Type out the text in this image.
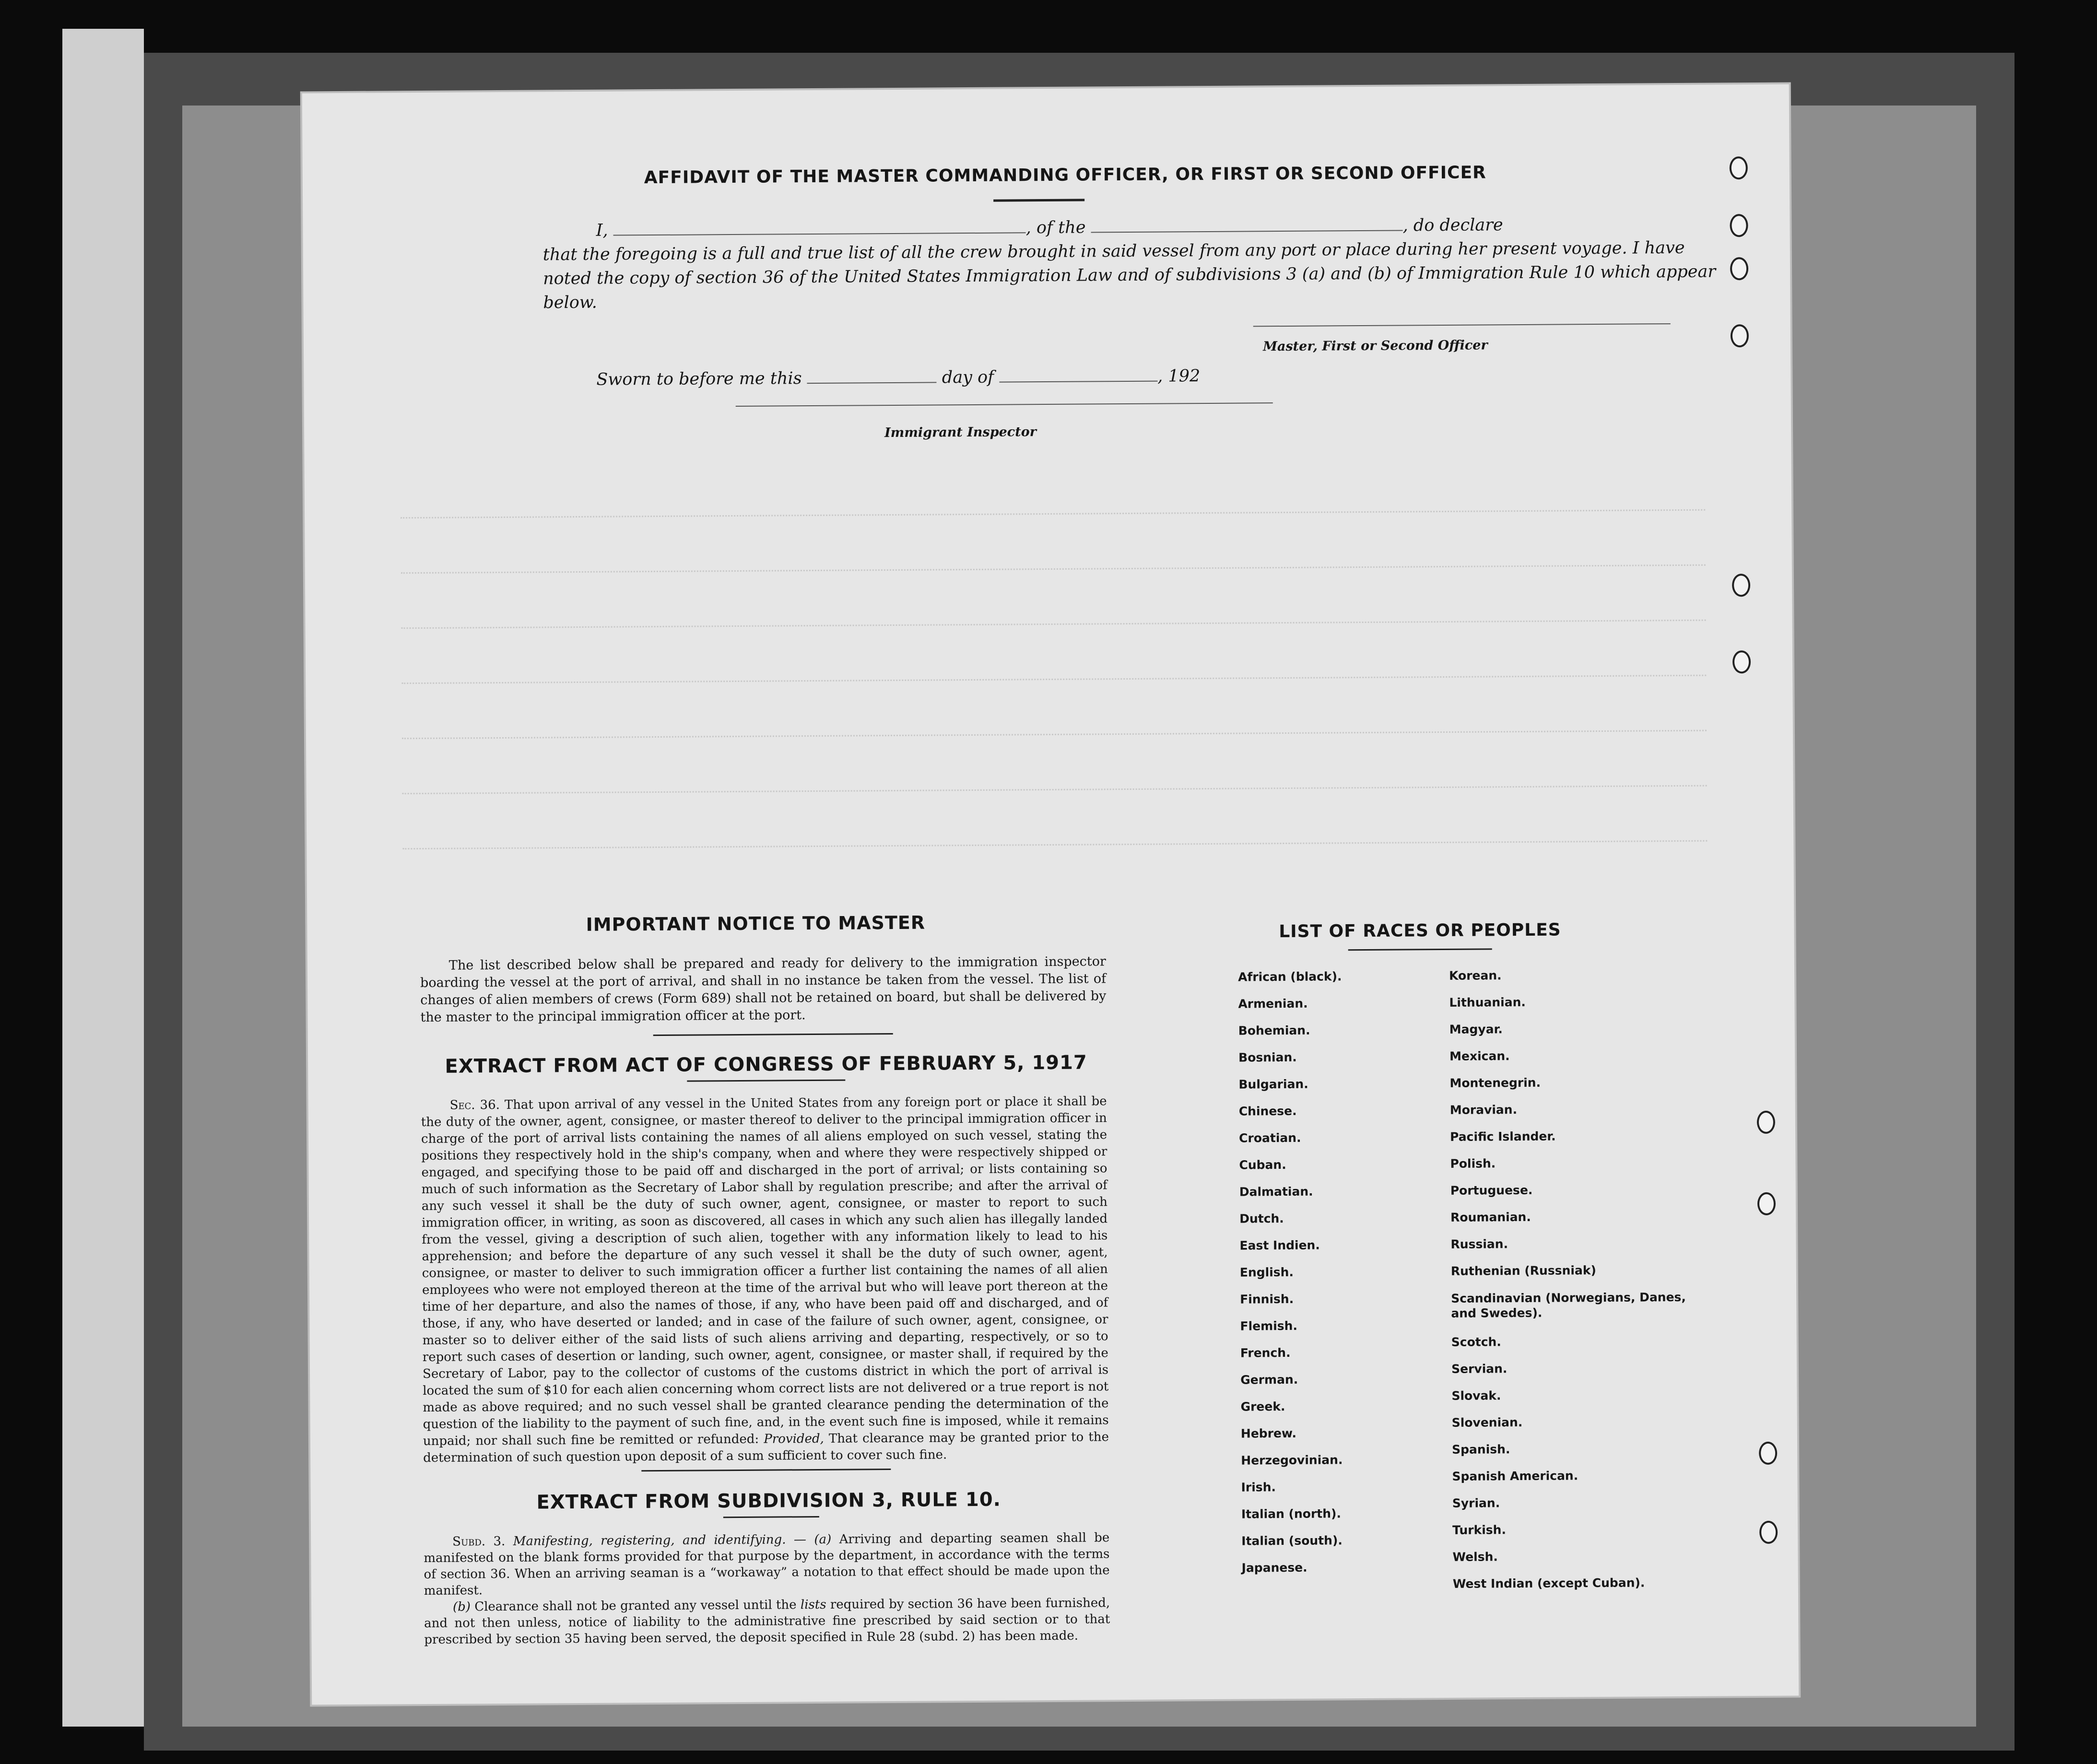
AFFIDAVIT OF THE MASTER COMMANDING OFFICER, OR FIRST OR SECOND OFFICER
I,	, of the	, do declare
that the foregoing is a full and true list of all the crew brought in said vessel from any port or place during her present voyage. I have noted the copy of section 36 of the United States Immigration Law and of subdivisions 3 (a) and (b) of Immigration Rule 10 which appear below.
Master, First or Second Officer
Sworn to before me this	day of	, 192
Immigrant Inspector
IMPORTANT NOTICE TO MASTER
The list described below shall be prepared and ready for delivery to the immigration inspector boarding the vessel at the port of arrival, and shall in no instance be taken from the vessel. The list of changes of alien members of crews (Form 689) shall not be retained on board, but shall be delivered by the master to the principal immigration officer at the port.
EXTRACT FROM ACT OF CONGRESS OF FEBRUARY 5, 1917
Sec. 36. That upon arrival of any vessel in the United States from any foreign port or place it shall be the duty of the owner, agent, consignee, or master thereof to deliver to the principal immigration officer in charge of the port of arrival lists containing the names of all aliens employed on such vessel, stating the positions they respectively hold in the ship's company, when and where they were respectively shipped or engaged, and specifying those to be paid off and discharged in the port of arrival; or lists containing so much of such information as the Secretary of Labor shall by regulation prescribe; and after the arrival of any such vessel it shall be the duty of such owner, agent, consignee, or master to report to such immigration officer, in writing, as soon as discovered, all cases in which any such alien has illegally landed from the vessel, giving a description of such alien, together with any information likely to lead to his apprehension; and before the departure of any such vessel it shall be the duty of such owner, agent, consignee, or master to deliver to such immigration officer a further list containing the names of all alien employees who were not employed thereon at the time of the arrival but who will leave port thereon at the time of her departure, and also the names of those, if any, who have been paid off and discharged, and of those, if any, who have deserted or landed; and in case of the failure of such owner, agent, consignee, or master so to deliver either of the said lists of such aliens arriving and departing, respectively, or so to report such cases of desertion or landing, such owner, agent, consignee, or master shall, if required by the Secretary of Labor, pay to the collector of customs of the customs district in which the port of arrival is located the sum of $10 for each alien concerning whom correct lists are not delivered or a true report is not made as above required; and no such vessel shall be granted clearance pending the determination of the question of the liability to the payment of such fine, and, in the event such fine is imposed, while it remains unpaid; nor shall such fine be remitted or refunded: Provided, That clearance may be granted prior to the determination of such question upon deposit of a sum sufficient to cover such fine.
EXTRACT FROM SUBDIVISION 3, RULE 10.
Subd. 3. Manifesting, registering, and identifying. — (a) Arriving and departing seamen shall be manifested on the blank forms provided for that purpose by the department, in accordance with the terms of section 36. When an arriving seaman is a “workaway” a notation to that effect should be made upon the manifest.
(b) Clearance shall not be granted any vessel until the lists required by section 36 have been furnished, and not then unless, notice of liability to the administrative fine prescribed by said section or to that prescribed by section 35 having been served, the deposit specified in Rule 28 (subd. 2) has been made.
LIST OF RACES OR PEOPLES
African (black).
Armenian.
Bohemian.
Bosnian.
Bulgarian.
Chinese.
Croatian.
Cuban.
Dalmatian.
Dutch.
East Indien.
English.
Finnish.
Flemish.
French.
German.
Greek.
Hebrew.
Herzegovinian.
Irish.
Italian (north).
Italian (south).
Japanese.
Korean.
Lithuanian.
Magyar.
Mexican.
Montenegrin.
Moravian.
Pacific Islander.
Polish.
Portuguese.
Roumanian.
Russian.
Ruthenian (Russniak)
Scandinavian (Norwegians, Danes, and Swedes).
Scotch.
Servian.
Slovak.
Slovenian.
Spanish.
Spanish American.
Syrian.
Turkish.
Welsh.
West Indian (except Cuban).
